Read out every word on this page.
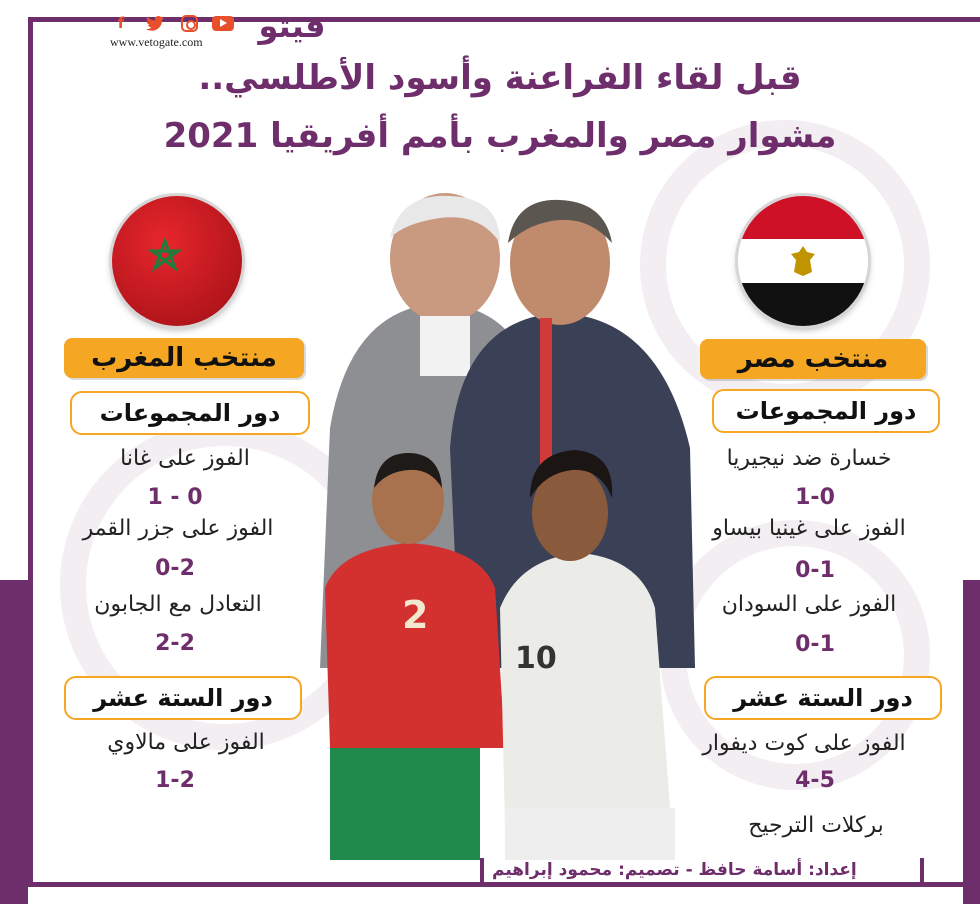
f
www.vetogate.com فيتو
قبل لقاء الفراعنة وأسود الأطلسي..
مشوار مصر والمغرب بأمم أفريقيا 2021
2
10
منتخب مصر
دور المجموعات
خسارة ضد نيجيريا
1-0
الفوز على غينيا بيساو
0-1
الفوز على السودان
0-1
دور الستة عشر
الفوز على كوت ديفوار
4-5
بركلات الترجيح
منتخب المغرب
دور المجموعات
الفوز على غانا
1 - 0
الفوز على جزر القمر
0-2
التعادل مع الجابون
2-2
دور الستة عشر
الفوز على مالاوي
1-2
إعداد: أسامة حافظ - تصميم: محمود إبراهيم
